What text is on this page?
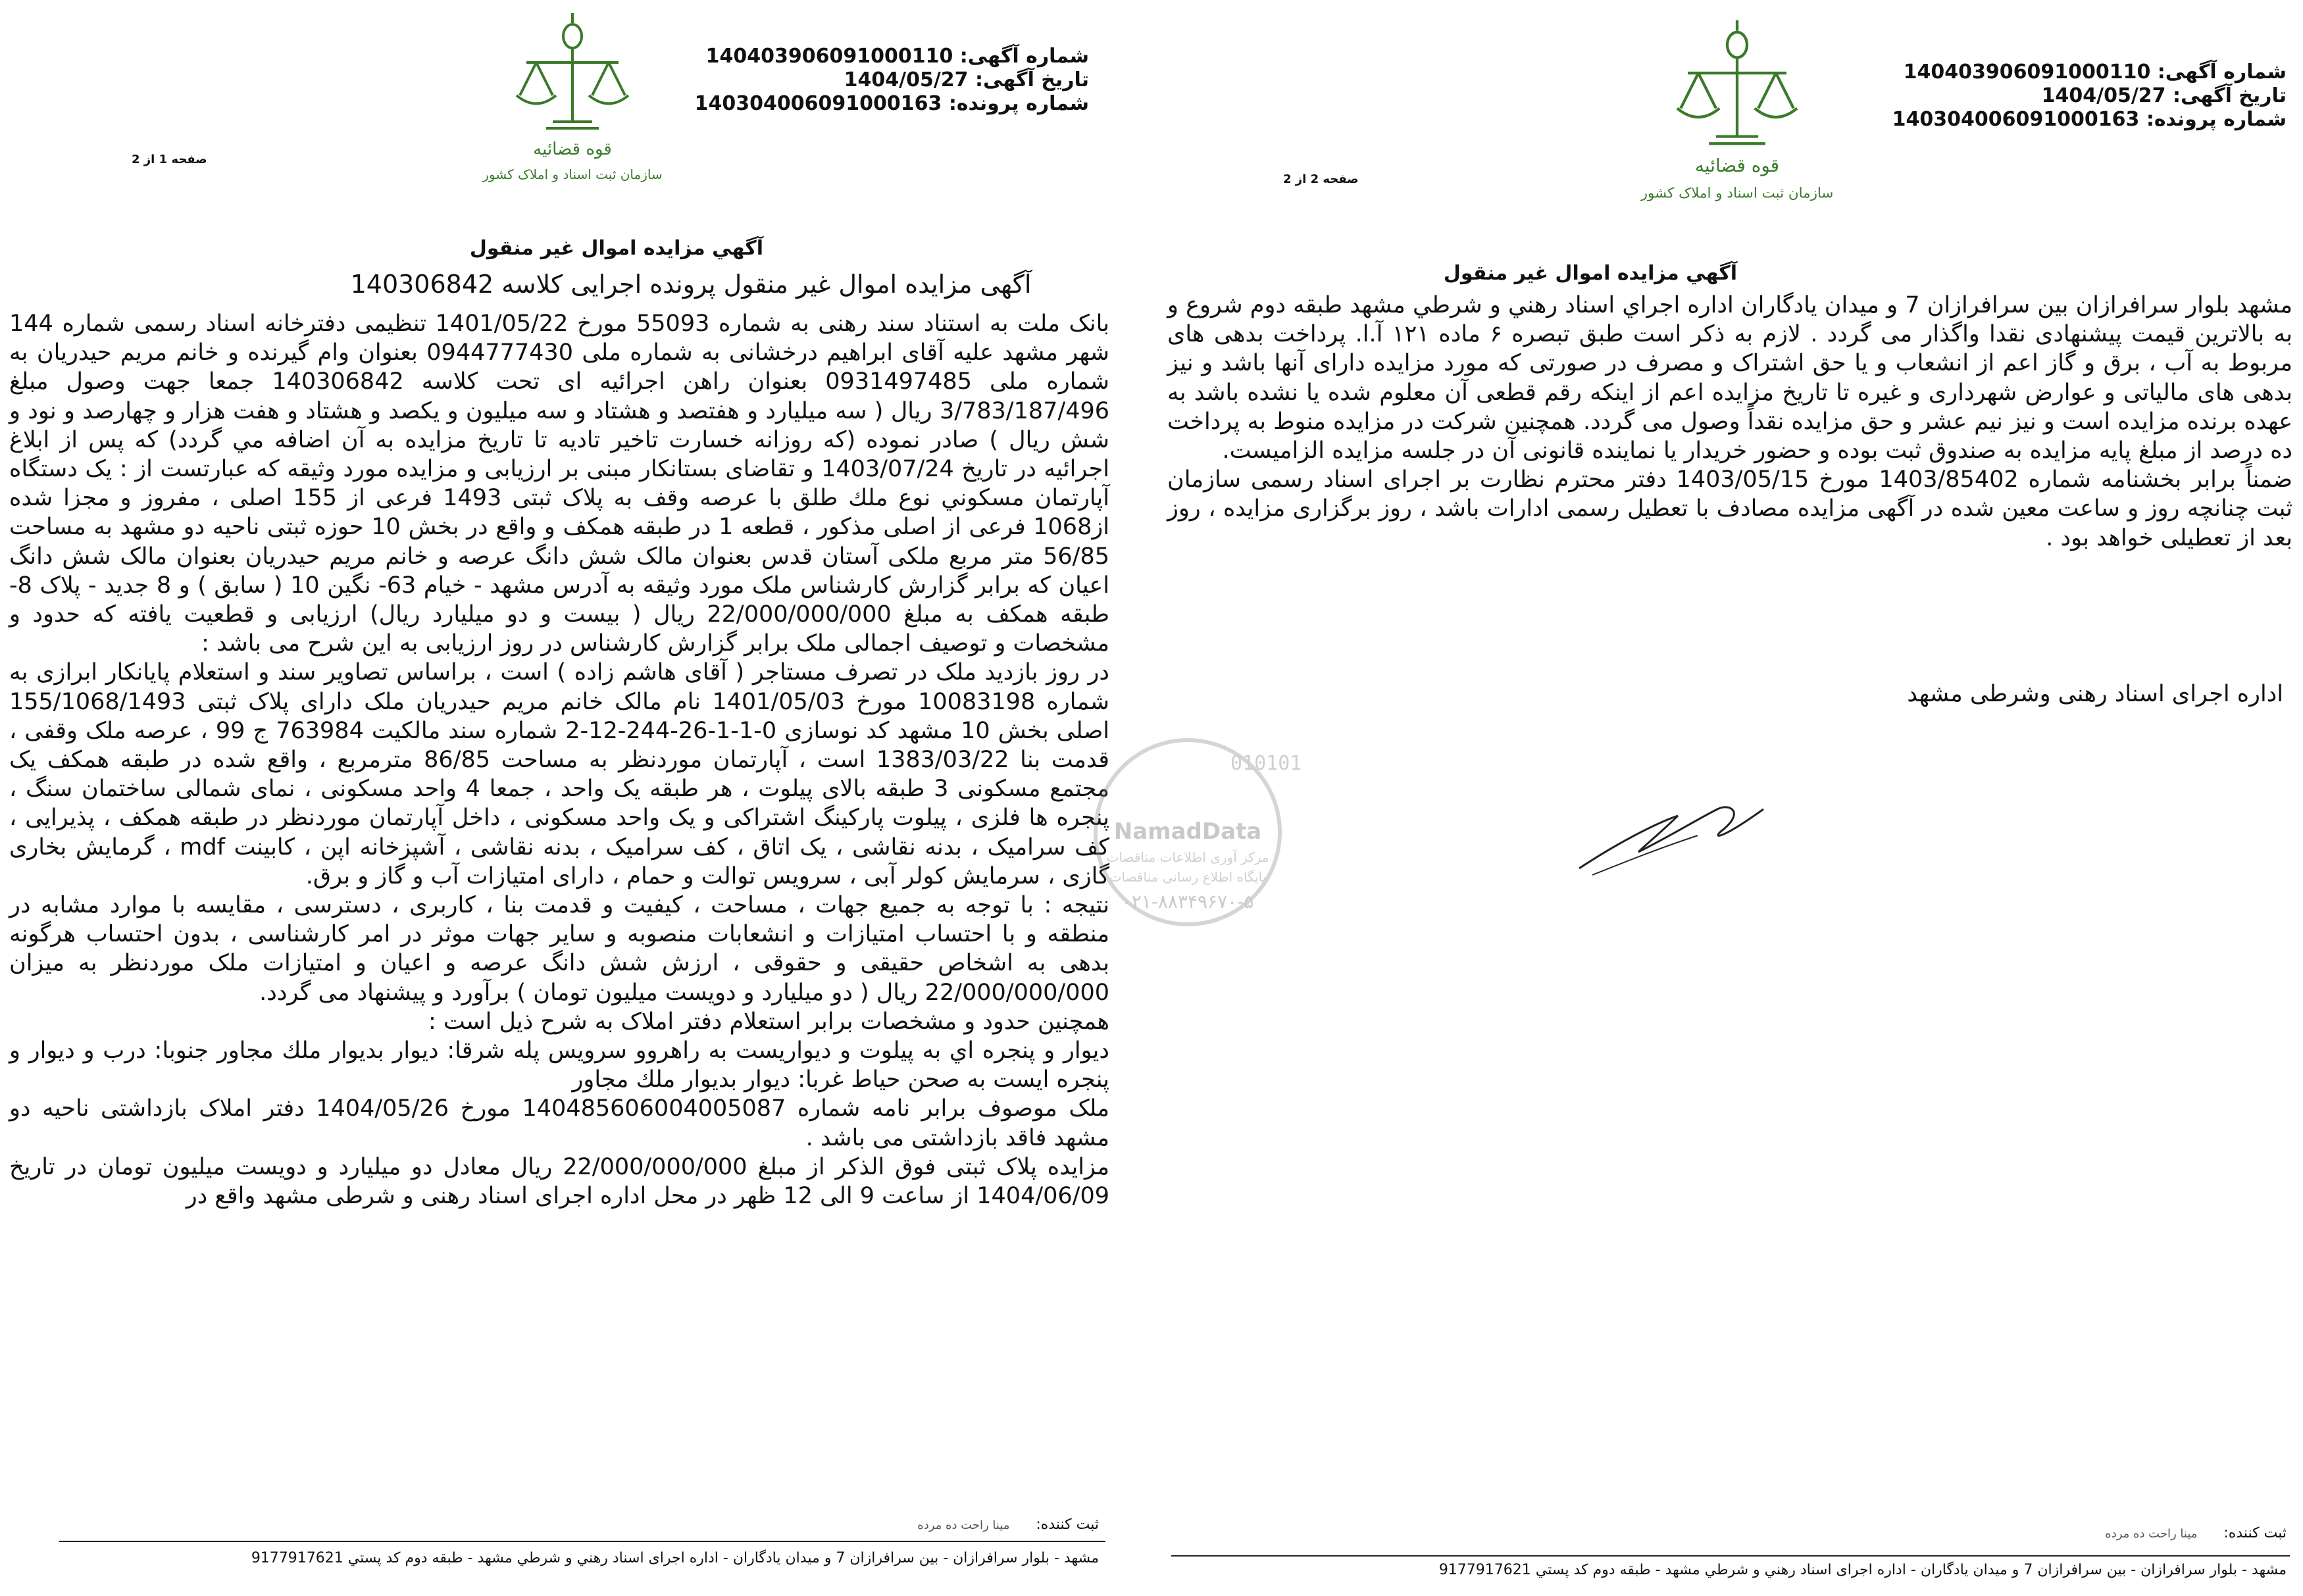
شماره آگهی: 140403906091000110
تاریخ آگهی: 1404/05/27
شماره پرونده: 140304006091000163
قوه قضائیه
سازمان ثبت اسناد و املاک کشور
صفحه 1 از 2
آگهي مزايده اموال غير منقول
آگهی مزایده اموال غیر منقول پرونده اجرایی کلاسه 140306842

بانک ملت به استناد سند رهنی به شماره 55093 مورخ 1401/05/22 تنظیمی دفترخانه اسناد رسمی شماره 144 شهر مشهد علیه آقای ابراهیم درخشانی به شماره ملی 0944777430 بعنوان وام گیرنده و خانم مریم حیدریان به شماره ملی 0931497485 بعنوان راهن اجرائیه ای تحت کلاسه 140306842 جمعا جهت وصول مبلغ 3/783/187/496 ریال ( سه میلیارد و هفتصد و هشتاد و سه میلیون و یکصد و هشتاد و هفت هزار و چهارصد و نود و شش ریال ) صادر نموده (که روزانه خسارت تاخیر تادیه تا تاریخ مزایده به آن اضافه مي گردد) که پس از ابلاغ اجرائیه در تاریخ 1403/07/24 و تقاضای بستانکار مبنی بر ارزیابی و مزایده مورد وثیقه که عبارتست از : یک دستگاه آپارتمان مسکوني نوع ملك طلق با عرصه وقف به پلاک ثبتی 1493 فرعی از 155 اصلی ، مفروز و مجزا شده از1068 فرعی از اصلی مذکور ، قطعه 1 در طبقه همکف و واقع در بخش 10 حوزه ثبتی ناحیه دو مشهد به مساحت 56/85 متر مربع ملکی آستان قدس بعنوان مالک شش دانگ عرصه و خانم مریم حیدریان بعنوان مالک شش دانگ اعیان که برابر گزارش کارشناس ملک مورد وثیقه به آدرس مشهد - خیام 63- نگین 10 ( سابق ) و 8 جدید - پلاک 8- طبقه همکف به مبلغ 22/000/000/000 ریال ( بیست و دو میلیارد ریال) ارزیابی و قطعیت یافته که حدود و مشخصات و توصیف اجمالی ملک برابر گزارش کارشناس در روز ارزیابی به این شرح می باشد :

در روز بازدید ملک در تصرف مستاجر ( آقای هاشم زاده ) است ، براساس تصاویر سند و استعلام پایانکار ابرازی به شماره 10083198 مورخ 1401/05/03 نام مالک خانم مریم حیدریان ملک دارای پلاک ثبتی 155/1068/1493 اصلی بخش 10 مشهد کد نوسازی 0-1-1-26-244-12-2 شماره سند مالکیت 763984 ج 99 ، عرصه ملک وقفی ، قدمت بنا 1383/03/22 است ، آپارتمان موردنظر به مساحت 86/85 مترمربع ، واقع شده در طبقه همکف یک مجتمع مسکونی 3 طبقه بالای پیلوت ، هر طبقه یک واحد ، جمعا 4 واحد مسکونی ، نمای شمالی ساختمان سنگ ، پنجره ها فلزی ، پیلوت پارکینگ اشتراکی و یک واحد مسکونی ، داخل آپارتمان موردنظر در طبقه همکف ، پذیرایی ، کف سرامیک ، بدنه نقاشی ، یک اتاق ، کف سرامیک ، بدنه نقاشی ، آشپزخانه اپن ، کابینت mdf ، گرمایش بخاری گازی ، سرمایش کولر آبی ، سرویس توالت و حمام ، دارای امتیازات آب و گاز و برق.

نتیجه : با توجه به جمیع جهات ، مساحت ، کیفیت و قدمت بنا ، کاربری ، دسترسی ، مقایسه با موارد مشابه در منطقه و با احتساب امتیازات و انشعابات منصوبه و سایر جهات موثر در امر کارشناسی ، بدون احتساب هرگونه بدهی به اشخاص حقیقی و حقوقی ، ارزش شش دانگ عرصه و اعیان و امتیازات ملک موردنظر به میزان 22/000/000/000 ریال ( دو میلیارد و دویست میلیون تومان ) برآورد و پیشنهاد می گردد.

همچنین حدود و مشخصات برابر استعلام دفتر املاک به شرح ذیل است :

دیوار و پنجره اي به پیلوت و دیواریست به راهروو سرویس پله شرقا: دیوار بدیوار ملك مجاور جنوبا: درب و دیوار و پنجره ایست به صحن حیاط غربا: دیوار بدیوار ملك مجاور

ملک موصوف برابر نامه شماره 14048560600400508​7 مورخ 1404/05/26 دفتر املاک بازداشتی ناحیه دو مشهد فاقد بازداشتی می باشد .

مزایده پلاک ثبتی فوق الذکر از مبلغ 22/000/000/000 ریال معادل دو میلیارد و دویست میلیون تومان در تاریخ 1404/06/09 از ساعت 9 الی 12 ظهر در محل اداره اجرای اسناد رهنی و شرطی مشهد واقع در

ثبت کننده:مینا راحت ده مرده
مشهد - بلوار سرافرازان - بین سرافرازان 7 و میدان یادگاران - اداره اجرای اسناد رهني و شرطي مشهد - طبقه دوم کد پستي 9177917621
010101
NamadData
مرکز آوری اطلاعات مناقصات
پایگاه اطلاع رسانی مناقصات
۰۲۱-۸۸۳۴۹۶۷۰-۵
شماره آگهی: 140403906091000110
تاریخ آگهی: 1404/05/27
شماره پرونده: 140304006091000163
قوه قضائیه
سازمان ثبت اسناد و املاک کشور
صفحه 2 از 2
آگهي مزايده اموال غير منقول

مشهد بلوار سرافرازان بین سرافرازان 7 و میدان یادگاران اداره اجراي اسناد رهني و شرطي مشهد طبقه دوم شروع و به بالاترین قیمت پیشنهادی نقدا واگذار می گردد . لازم به ذکر است طبق تبصره ۶ ماده ۱۲۱ آ.ا. پرداخت بدهی های مربوط به آب ، برق و گاز اعم از انشعاب و یا حق اشتراک و مصرف در صورتی که مورد مزایده دارای آنها باشد و نیز بدهی های مالیاتی و عوارض شهرداری و غیره تا تاریخ مزایده اعم از اینکه رقم قطعی آن معلوم شده یا نشده باشد به عهده برنده مزایده است و نیز نیم عشر و حق مزایده نقداً وصول می گردد. همچنین شرکت در مزایده منوط به پرداخت ده درصد از مبلغ پایه مزایده به صندوق ثبت بوده و حضور خریدار یا نماینده قانونی آن در جلسه مزایده الزامیست.

ضمناً برابر بخشنامه شماره 1403/85402 مورخ 1403/05/15 دفتر محترم نظارت بر اجرای اسناد رسمی سازمان ثبت چنانچه روز و ساعت معین شده در آگهی مزایده مصادف با تعطیل رسمی ادارات باشد ، روز برگزاری مزایده ، روز بعد از تعطیلی خواهد بود .

اداره اجرای اسناد رهنی وشرطی مشهد
ثبت کننده:مینا راحت ده مرده
مشهد - بلوار سرافرازان - بین سرافرازان 7 و میدان یادگاران - اداره اجرای اسناد رهني و شرطي مشهد - طبقه دوم کد پستي 9177917621
